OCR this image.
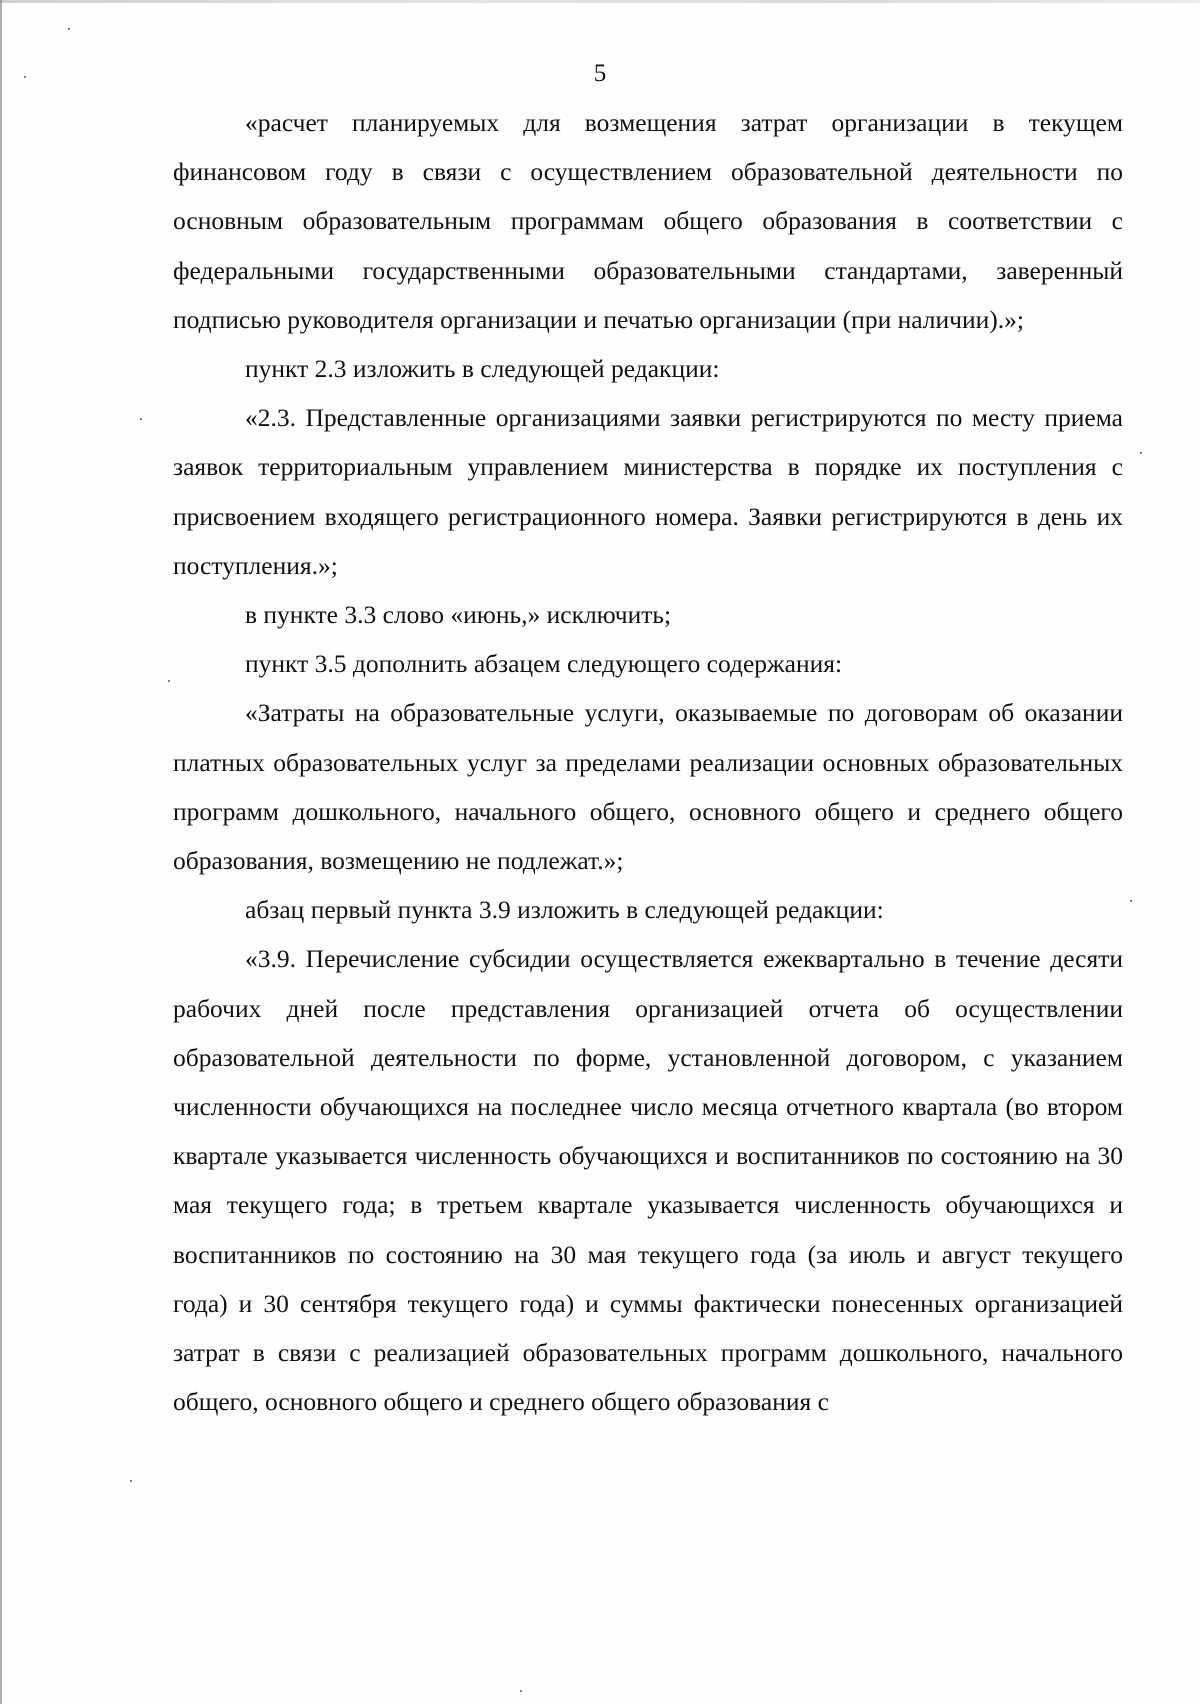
5

«расчет планируемых для возмещения затрат организации в текущем финансовом году в связи с осуществлением образовательной деятельности по основным образовательным программам общего образования в соответствии с федеральными государственными образовательными стандартами, заверенный подписью руководителя организации и печатью организации (при наличии).»;

пункт 2.3 изложить в следующей редакции:

«2.3. Представленные организациями заявки регистрируются по месту приема заявок территориальным управлением министерства в порядке их поступления с присвоением входящего регистрационного номера. Заявки регистрируются в день их поступления.»;

в пункте 3.3 слово «июнь,» исключить;

пункт 3.5 дополнить абзацем следующего содержания:

«Затраты на образовательные услуги, оказываемые по договорам об оказании платных образовательных услуг за пределами реализации основных образовательных программ дошкольного, начального общего, основного общего и среднего общего образования, возмещению не подлежат.»;

абзац первый пункта 3.9 изложить в следующей редакции:

«3.9. Перечисление субсидии осуществляется ежеквартально в течение десяти рабочих дней после представления организацией отчета об осуществлении образовательной деятельности по форме, установленной договором, с указанием численности обучающихся на последнее число месяца отчетного квартала (во втором квартале указывается численность обучающихся и воспитанников по состоянию на 30 мая текущего года; в третьем квартале указывается численность обучающихся и воспитанников по состоянию на 30 мая текущего года (за июль и август текущего года) и 30 сентября текущего года) и суммы фактически понесенных организацией затрат в связи с реализацией образовательных программ дошкольного, начального общего, основного общего и среднего общего образования с
